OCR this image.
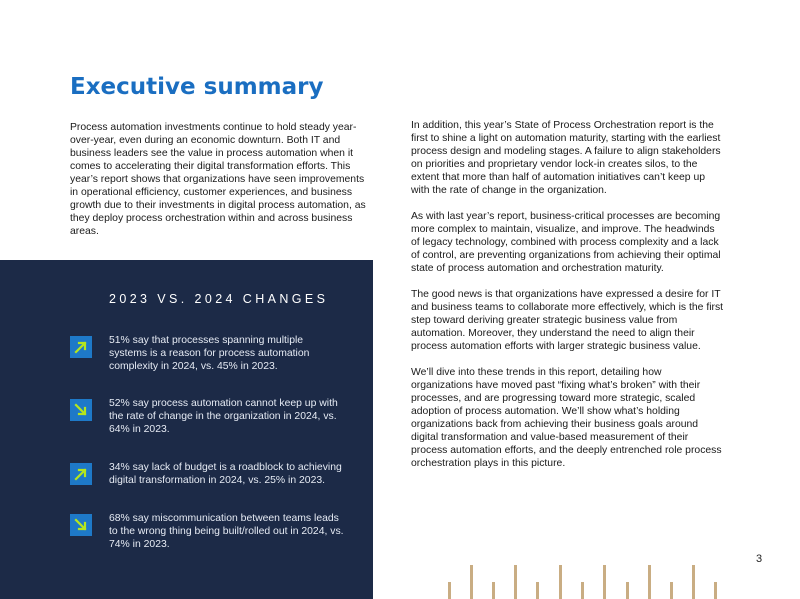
Executive summary

Process automation investments continue to hold steady year-over-year, even during an economic downturn. Both IT and business leaders see the value in process automation when it comes to accelerating their digital transformation efforts. This year’s report shows that organizations have seen improvements in operational efficiency, customer experiences, and business growth due to their investments in digital process automation, as they deploy process orchestration within and across business areas.

In addition, this year’s State of Process Orchestration report is the first to shine a light on automation maturity, starting with the earliest process design and modeling stages. A failure to align stakeholders on priorities and proprietary vendor lock-in creates silos, to the extent that more than half of automation initiatives can’t keep up with the rate of change in the organization.

As with last year’s report, business-critical processes are becoming more complex to maintain, visualize, and improve. The headwinds of legacy technology, combined with process complexity and a lack of control, are preventing organizations from achieving their optimal state of process automation and orchestration maturity.

The good news is that organizations have expressed a desire for IT and business teams to collaborate more effectively, which is the first step toward deriving greater strategic business value from automation. Moreover, they understand the need to align their process automation efforts with larger strategic business value.

We’ll dive into these trends in this report, detailing how organizations have moved past “fixing what’s broken” with their processes, and are progressing toward more strategic, scaled adoption of process automation. We’ll show what’s holding organizations back from achieving their business goals around digital transformation and value-based measurement of their process automation efforts, and the deeply entrenched role process orchestration plays in this picture.

2023 VS. 2024 CHANGES

51% say that processes spanning multiple systems is a reason for process automation complexity in 2024, vs. 45% in 2023.

52% say process automation cannot keep up with the rate of change in the organization in 2024, vs. 64% in 2023.

34% say lack of budget is a roadblock to achieving digital transformation in 2024, vs. 25% in 2023.

68% say miscommunication between teams leads to the wrong thing being built/rolled out in 2024, vs. 74% in 2023.

3
